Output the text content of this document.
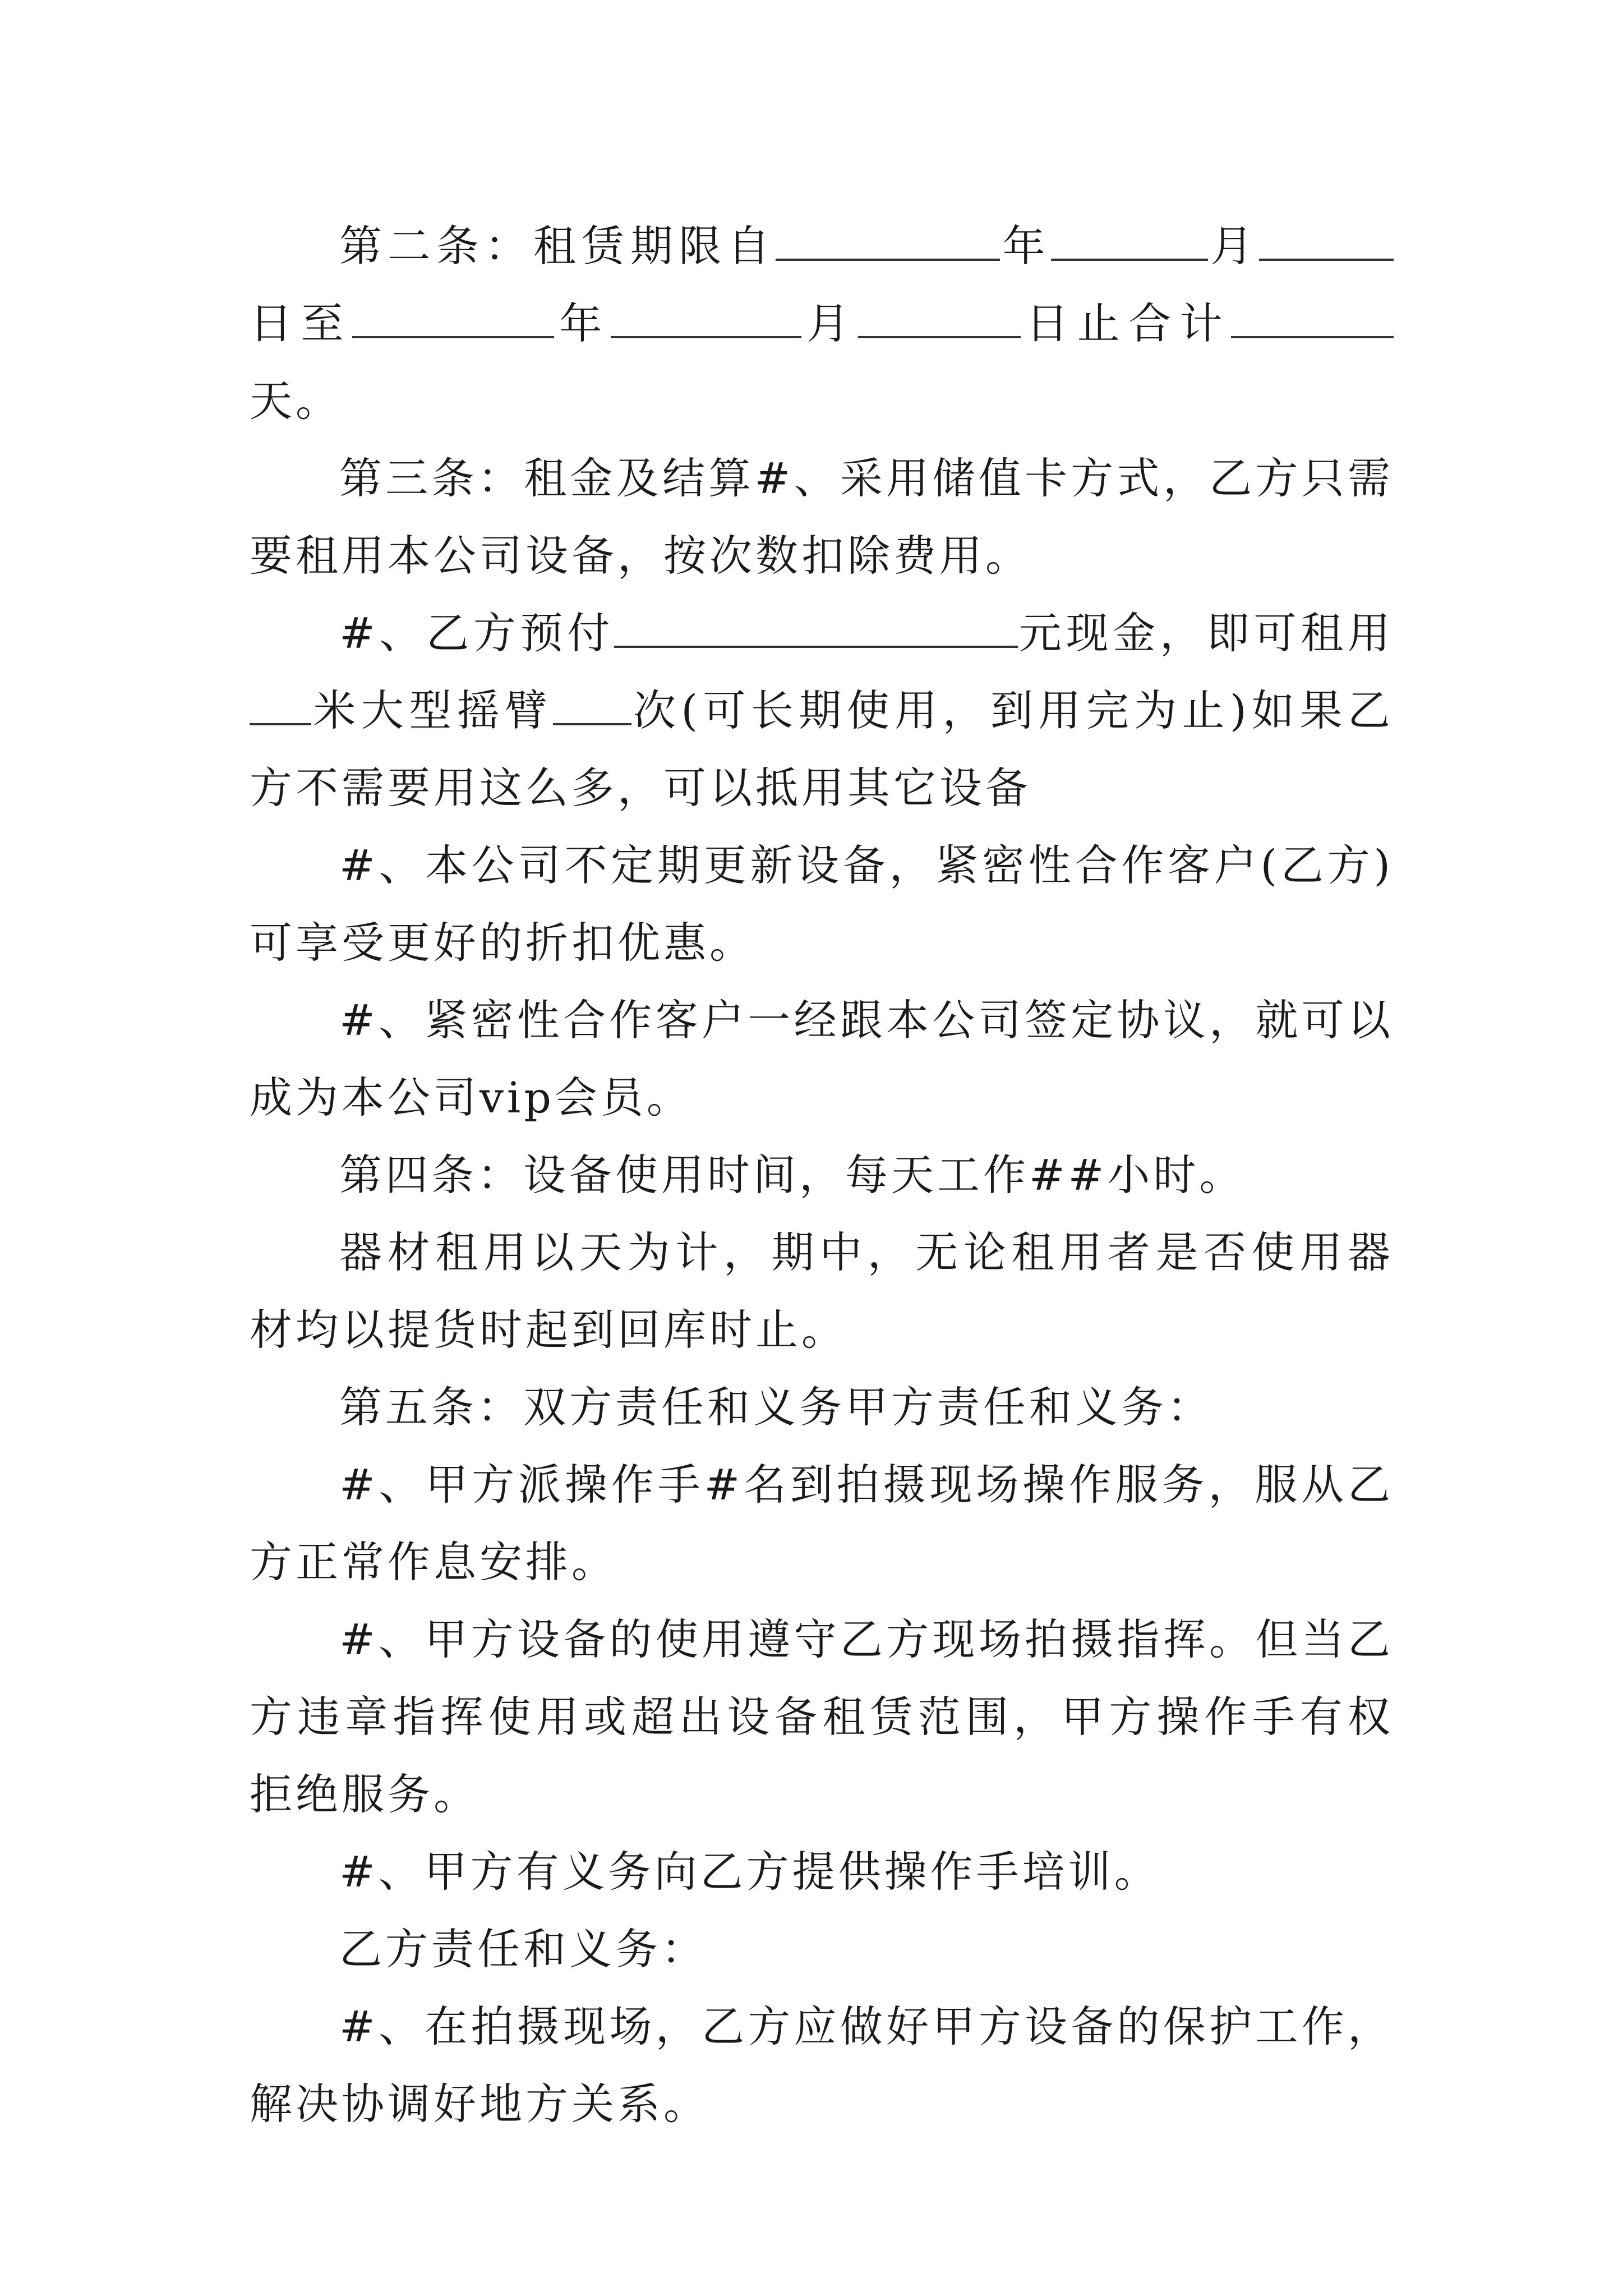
第二条：租赁期限自	年	月日至	年	月	日止合计天。

第三条：租金及结算#、采用储值卡方式，乙方只需要租用本公司设备，按次数扣除费用。

#、乙方预付	元现金，即可租用米大型摇臂 次(可长期使用，到用完为止)如果乙方不需要用这么多，可以抵用其它设备

#、本公司不定期更新设备，紧密性合作客户(乙方)可享受更好的折扣优惠。

#、紧密性合作客户一经跟本公司签定协议，就可以成为本公司vip会员。

第四条：设备使用时间，每天工作##小时。

器材租用以天为计，期中，无论租用者是否使用器材均以提货时起到回库时止。

第五条：双方责任和义务甲方责任和义务：

#、甲方派操作手#名到拍摄现场操作服务，服从乙方正常作息安排。

#、甲方设备的使用遵守乙方现场拍摄指挥。但当乙方违章指挥使用或超出设备租赁范围，甲方操作手有权拒绝服务。

#、甲方有义务向乙方提供操作手培训。

乙方责任和义务：

#、在拍摄现场，乙方应做好甲方设备的保护工作，解决协调好地方关系。
